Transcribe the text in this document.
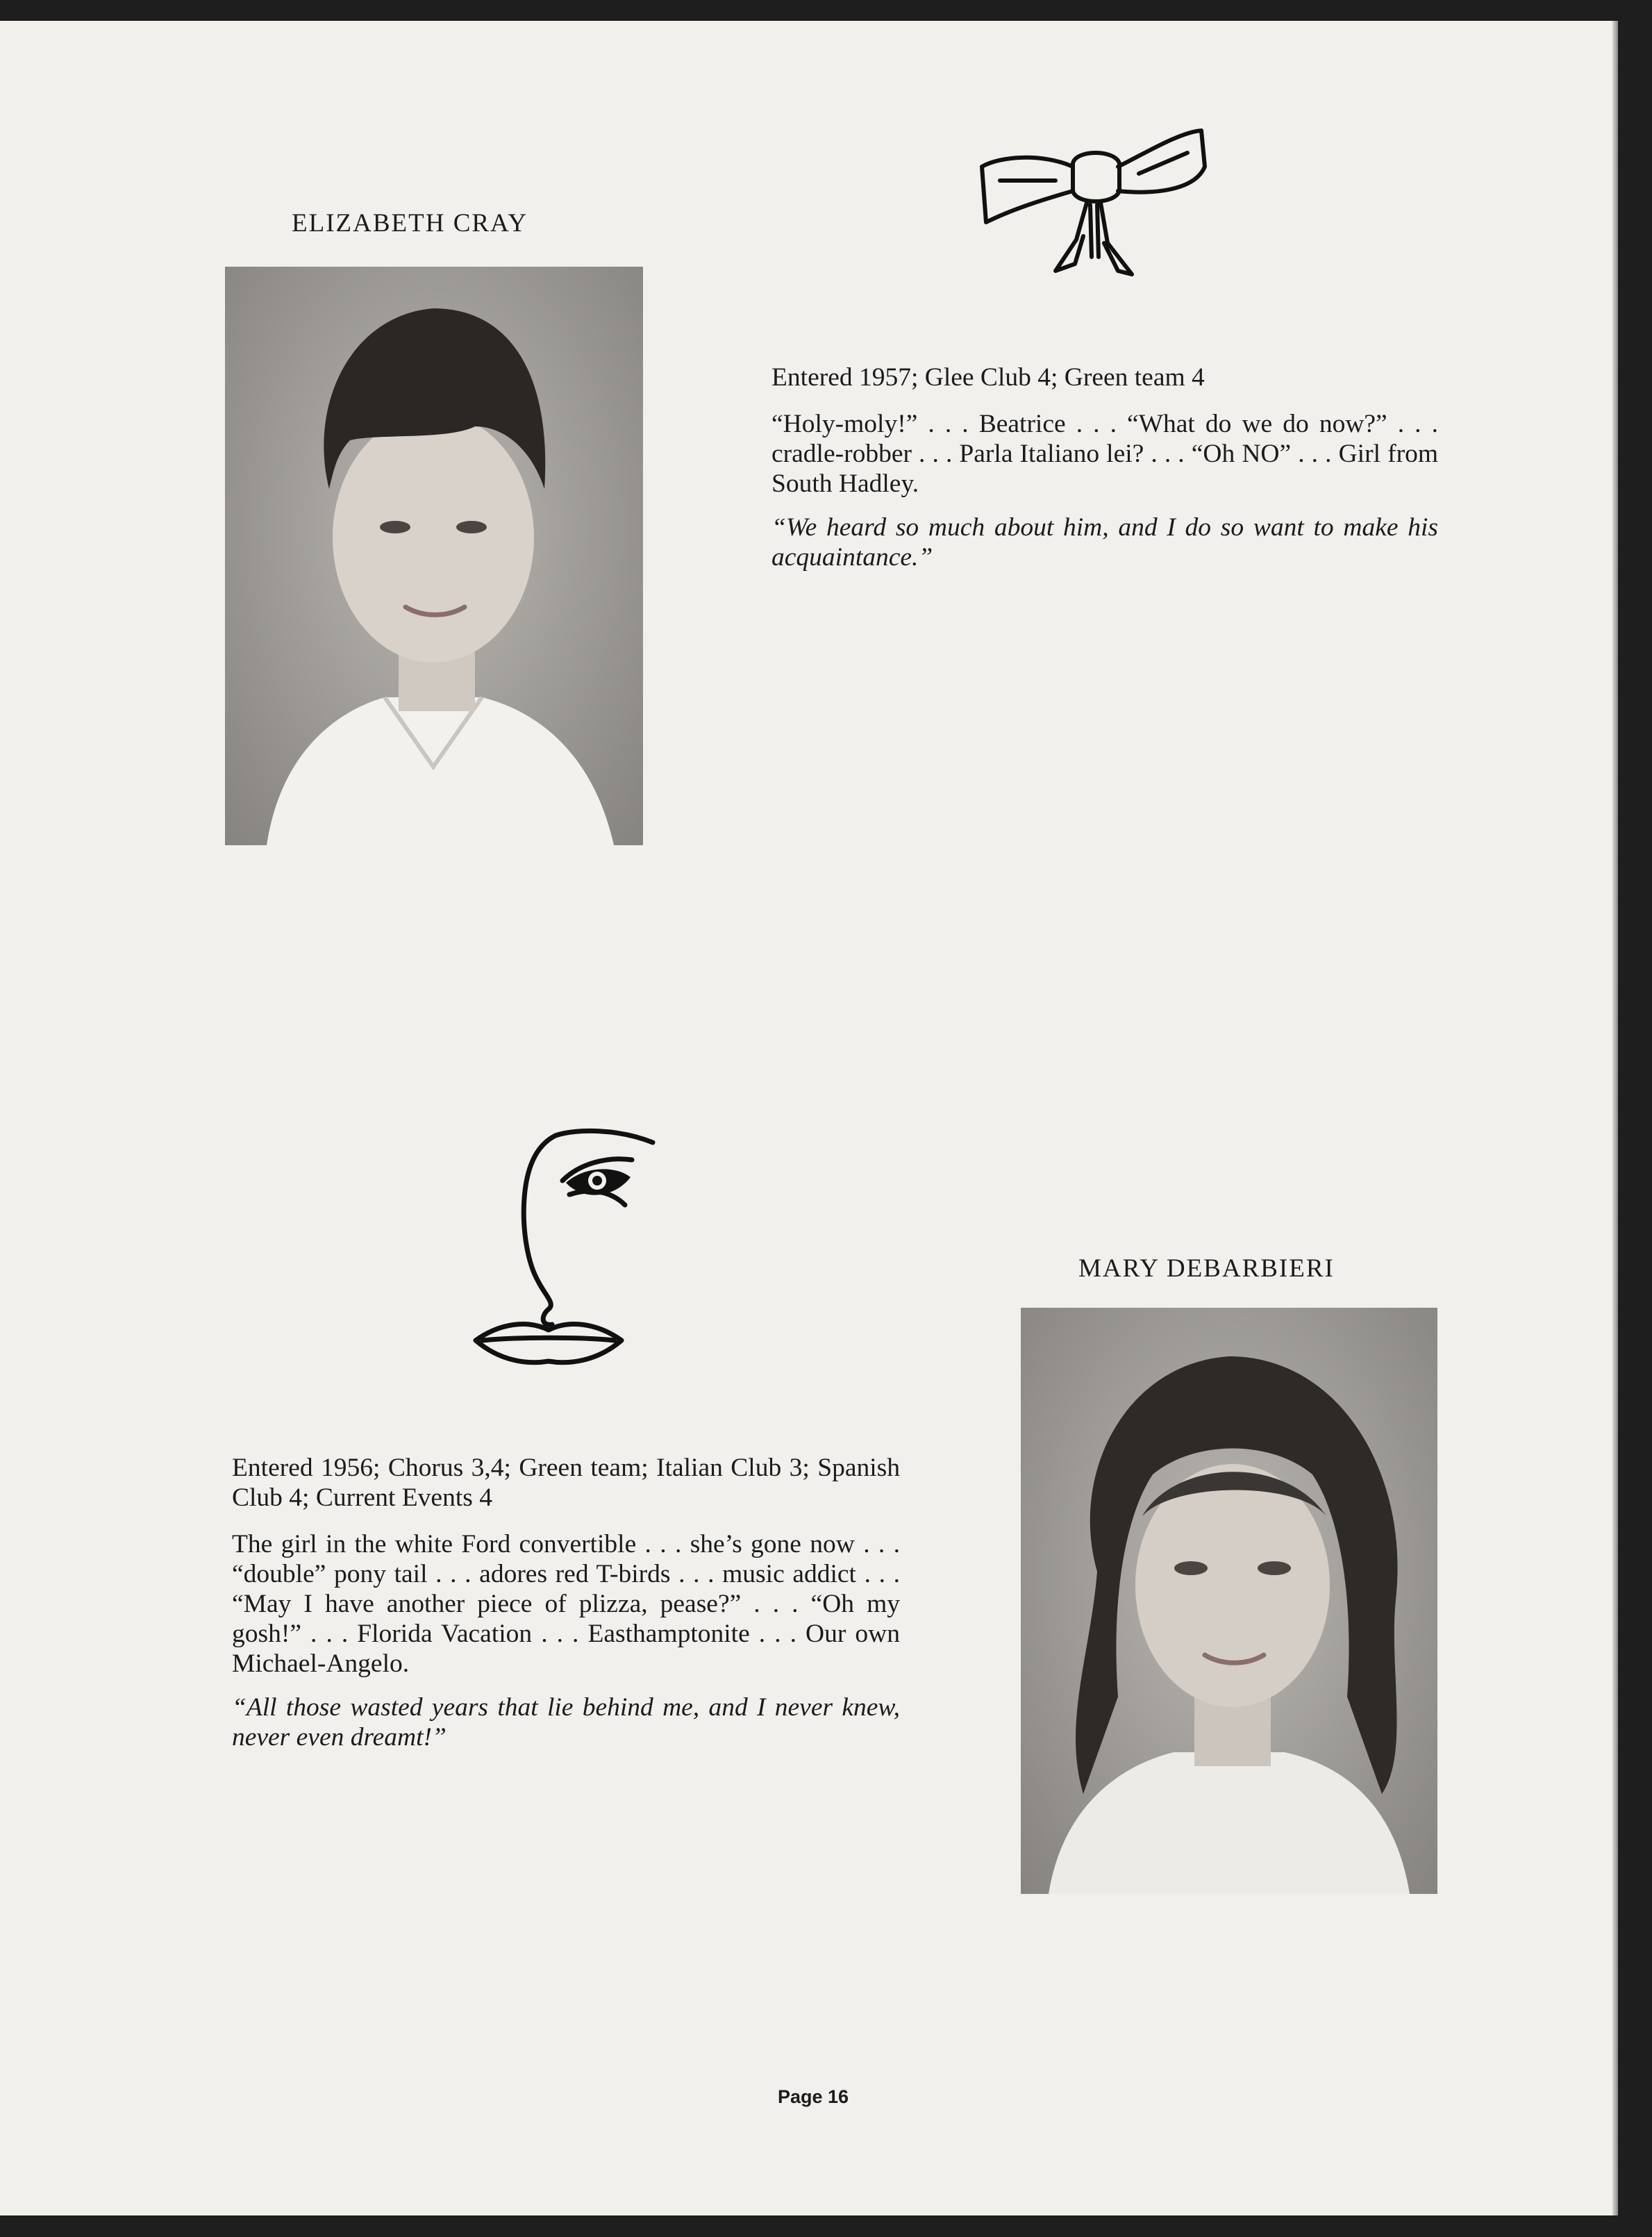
ELIZABETH CRAY

Entered 1957; Glee Club 4; Green team 4

“Holy-moly!” . . . Beatrice . . . “What do we do now?” . . . cradle-robber . . . Parla Italiano lei? . . . “Oh NO” . . . Girl from South Hadley.

“We heard so much about him, and I do so want to make his acquaintance.”

MARY DEBARBIERI

Entered 1956; Chorus 3,4; Green team; Italian Club 3; Spanish Club 4; Current Events 4

The girl in the white Ford convertible . . . she’s gone now . . . “double” pony tail . . . adores red T-birds . . . music addict . . . “May I have another piece of plizza, pease?” . . . “Oh my gosh!” . . . Florida Vacation . . . Easthamptonite . . . Our own Michael-Angelo.

“All those wasted years that lie behind me, and I never knew, never even dreamt!”

Page 16
